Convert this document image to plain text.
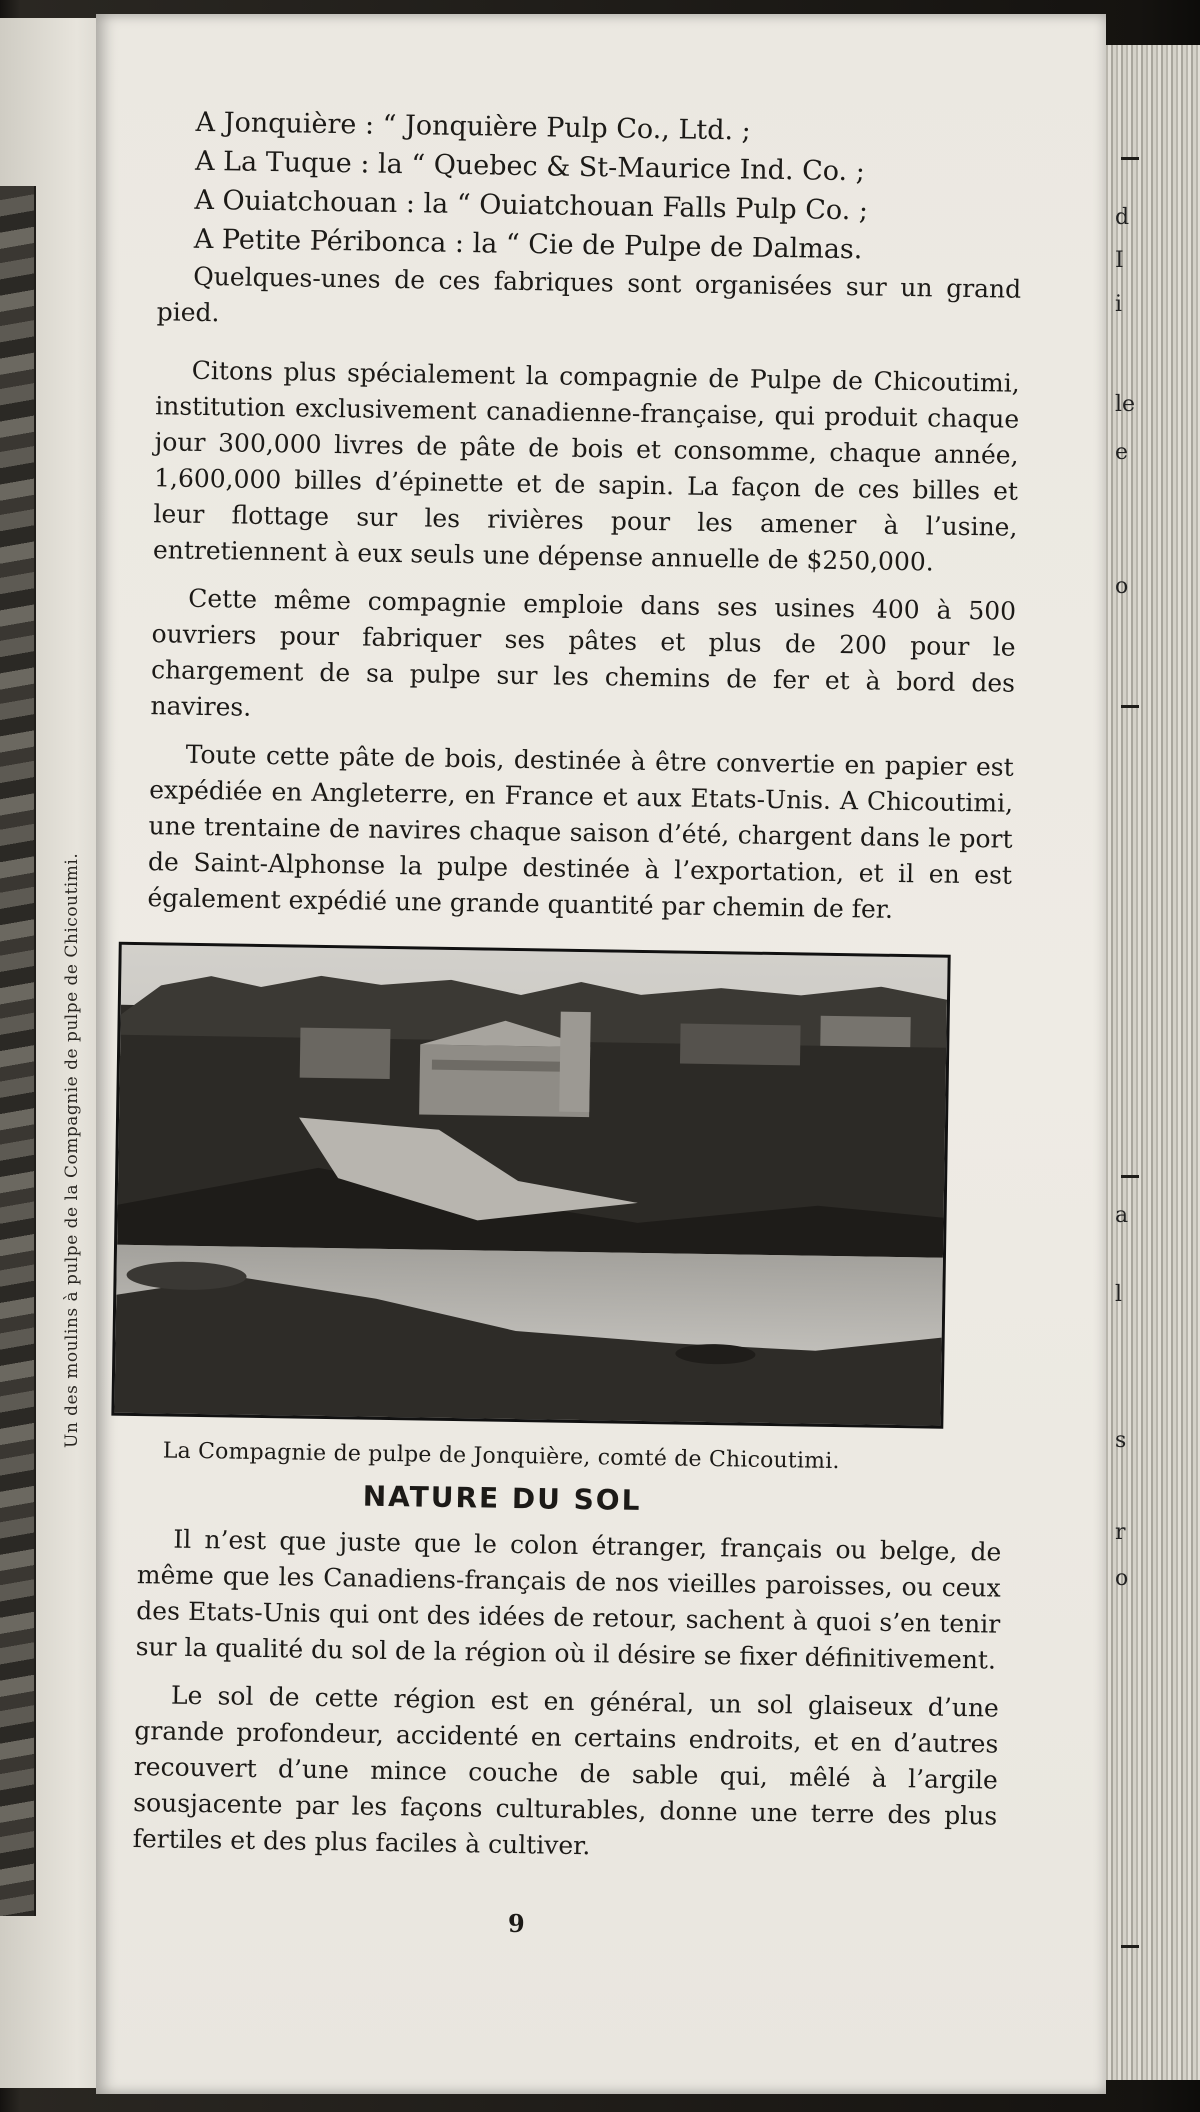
Un des moulins à pulpe de la Compagnie de pulpe de Chicoutimi.
d
I
i
le
e
o
a
l
s
r
o

A Jonquière : “ Jonquière Pulp Co., Ltd. ;

A La Tuque : la “ Quebec & St-Maurice Ind. Co. ;

A Ouiatchouan : la “ Ouiatchouan Falls Pulp Co. ;

A Petite Péribonca : la “ Cie de Pulpe de Dalmas.

Quelques-unes de ces fabriques sont organisées sur un grand pied.

Citons plus spécialement la compagnie de Pulpe de Chicoutimi, institution exclusivement canadienne-française, qui produit chaque jour 300,000 livres de pâte de bois et consomme, chaque année, 1,600,000 billes d’épinette et de sapin. La façon de ces billes et leur flottage sur les rivières pour les amener à l’usine, entretiennent à eux seuls une dépense annuelle de $250,000.

Cette même compagnie emploie dans ses usines 400 à 500 ouvriers pour fabriquer ses pâtes et plus de 200 pour le chargement de sa pulpe sur les chemins de fer et à bord des navires.

Toute cette pâte de bois, destinée à être convertie en papier est expédiée en Angleterre, en France et aux Etats-Unis. A Chicoutimi, une trentaine de navires chaque saison d’été, chargent dans le port de Saint-Alphonse la pulpe destinée à l’exportation, et il en est également expédié une grande quantité par chemin de fer.

La Compagnie de pulpe de Jonquière, comté de Chicoutimi.

NATURE DU SOL

Il n’est que juste que le colon étranger, français ou belge, de même que les Canadiens-français de nos vieilles paroisses, ou ceux des Etats-Unis qui ont des idées de retour, sachent à quoi s’en tenir sur la qualité du sol de la région où il désire se fixer définitivement.

Le sol de cette région est en général, un sol glaiseux d’une grande profondeur, accidenté en certains endroits, et en d’autres recouvert d’une mince couche de sable qui, mêlé à l’argile sousjacente par les façons culturables, donne une terre des plus fertiles et des plus faciles à cultiver.

9
